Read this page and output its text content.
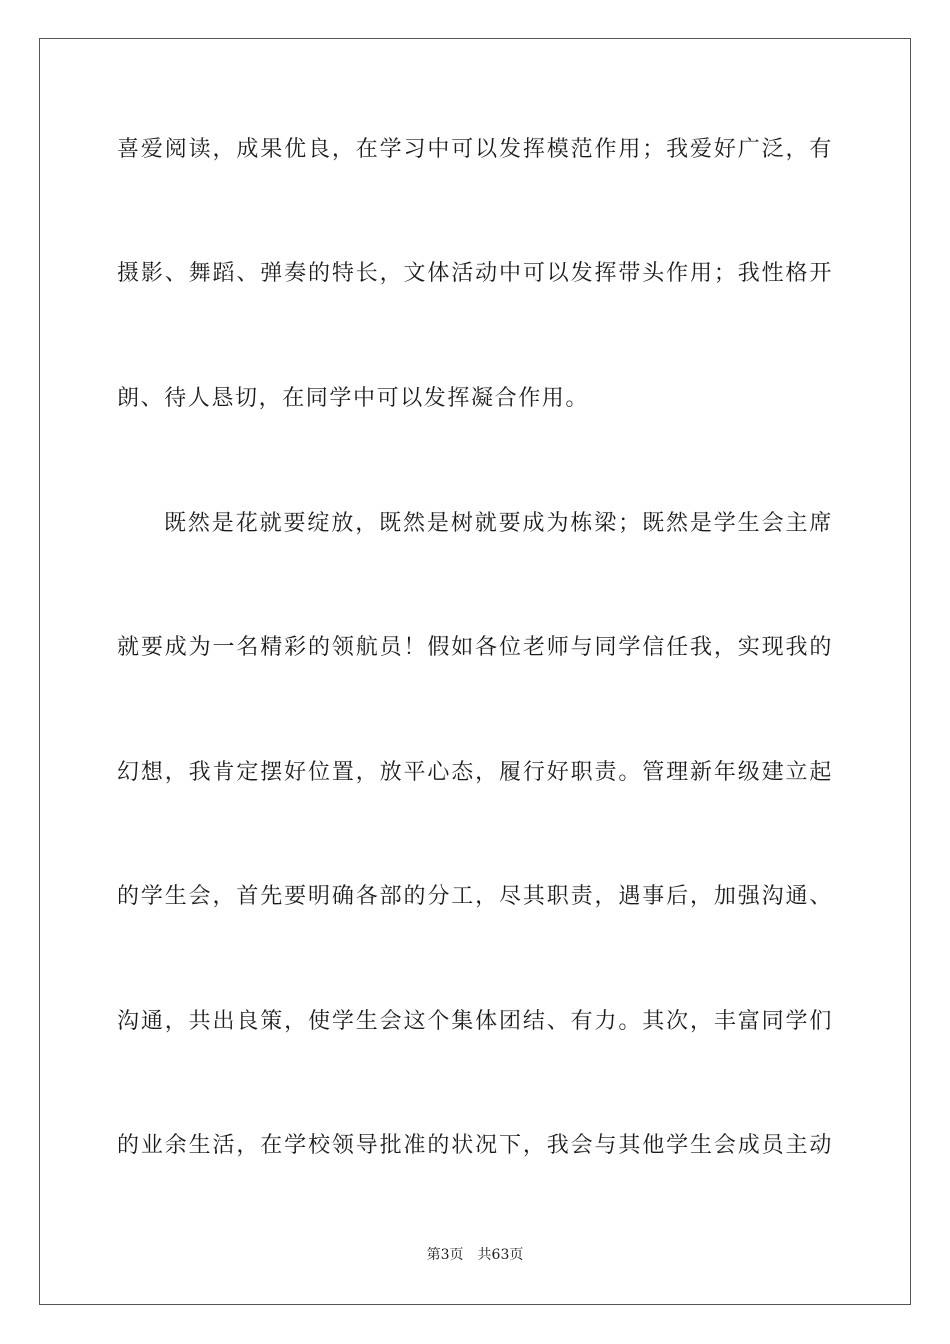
喜爱阅读，成果优良，在学习中可以发挥模范作用；我爱好广泛，有
摄影、舞蹈、弹奏的特长，文体活动中可以发挥带头作用；我性格开
朗、待人恳切，在同学中可以发挥凝合作用。
既然是花就要绽放，既然是树就要成为栋梁；既然是学生会主席
就要成为一名精彩的领航员！假如各位老师与同学信任我，实现我的
幻想，我肯定摆好位置，放平心态，履行好职责。管理新年级建立起
的学生会，首先要明确各部的分工，尽其职责，遇事后，加强沟通、
沟通，共出良策，使学生会这个集体团结、有力。其次，丰富同学们
的业余生活，在学校领导批准的状况下，我会与其他学生会成员主动
第3页 共63页
